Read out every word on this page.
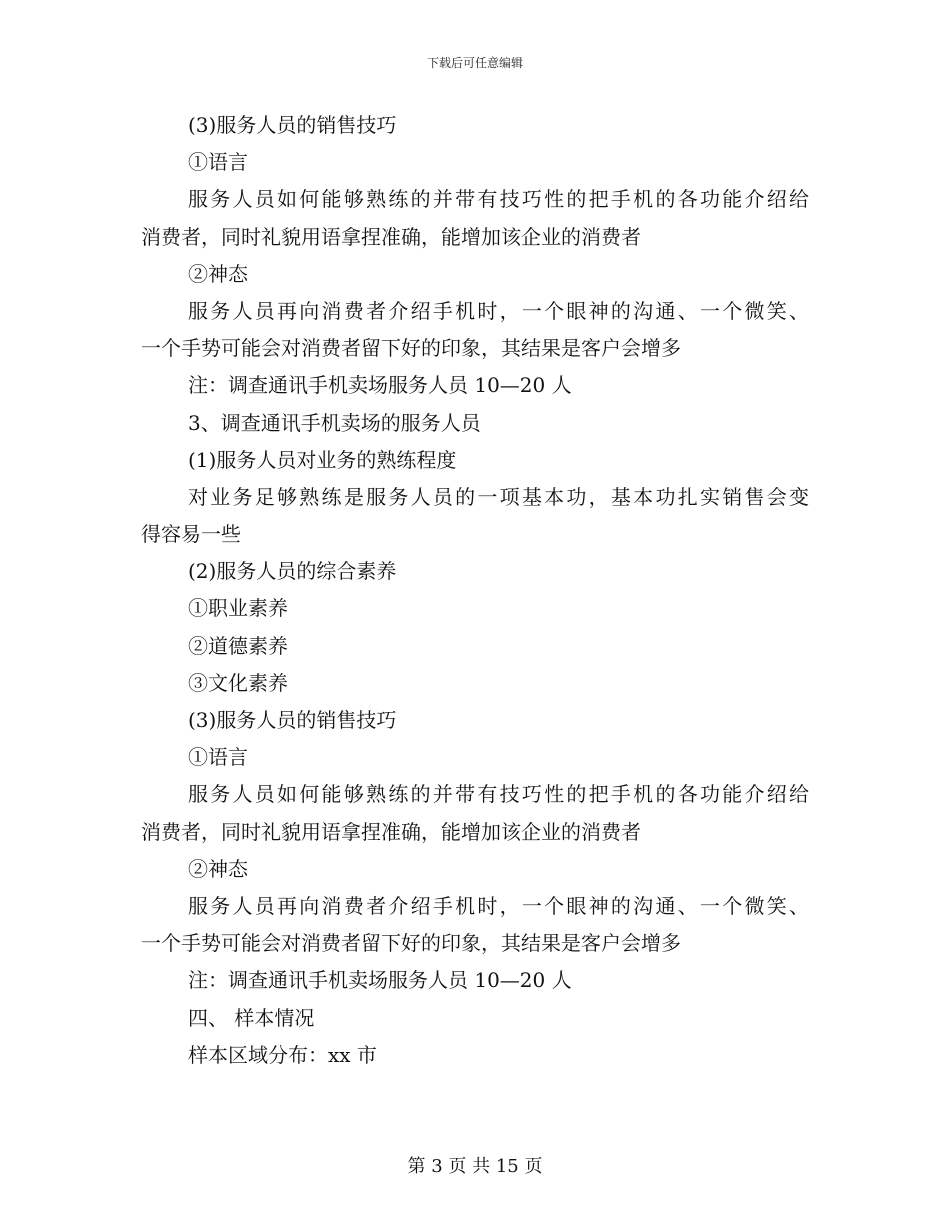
下载后可任意编辑
(3)服务人员的销售技巧
①语言
服务人员如何能够熟练的并带有技巧性的把手机的各功能介绍给
消费者，同时礼貌用语拿捏准确，能增加该企业的消费者
②神态
服务人员再向消费者介绍手机时，一个眼神的沟通、一个微笑、
一个手势可能会对消费者留下好的印象，其结果是客户会增多
注：调查通讯手机卖场服务人员 10—20 人
3、调查通讯手机卖场的服务人员
(1)服务人员对业务的熟练程度
对业务足够熟练是服务人员的一项基本功，基本功扎实销售会变
得容易一些
(2)服务人员的综合素养
①职业素养
②道德素养
③文化素养
(3)服务人员的销售技巧
①语言
服务人员如何能够熟练的并带有技巧性的把手机的各功能介绍给
消费者，同时礼貌用语拿捏准确，能增加该企业的消费者
②神态
服务人员再向消费者介绍手机时，一个眼神的沟通、一个微笑、
一个手势可能会对消费者留下好的印象，其结果是客户会增多
注：调查通讯手机卖场服务人员 10—20 人
四、 样本情况
样本区域分布：xx 市
第 3 页 共 15 页
